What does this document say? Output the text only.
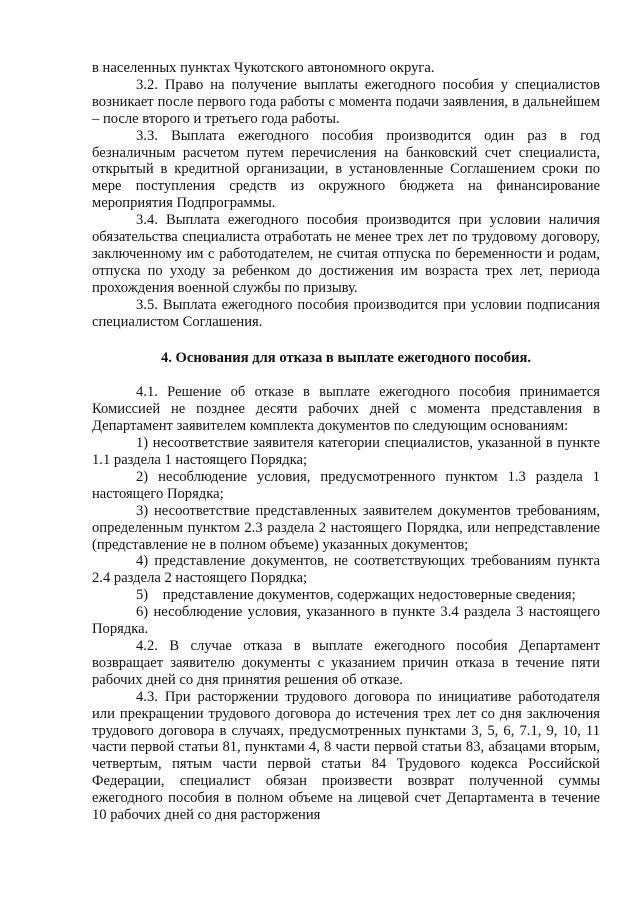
в населенных пунктах Чукотского автономного округа.

3.2. Право на получение выплаты ежегодного пособия у специалистов возникает после первого года работы с момента подачи заявления, в дальнейшем – после второго и третьего года работы.

3.3. Выплата ежегодного пособия производится один раз в год безналичным расчетом путем перечисления на банковский счет специалиста, открытый в кредитной организации, в установленные Соглашением сроки по мере поступления средств из окружного бюджета на финансирование мероприятия Подпрограммы.

3.4. Выплата ежегодного пособия производится при условии наличия обязательства специалиста отработать не менее трех лет по трудовому договору, заключенному им с работодателем, не считая отпуска по беременности и родам, отпуска по уходу за ребенком до достижения им возраста трех лет, периода прохождения военной службы по призыву.

3.5. Выплата ежегодного пособия производится при условии подписания специалистом Соглашения.

4. Основания для отказа в выплате ежегодного пособия.

4.1. Решение об отказе в выплате ежегодного пособия принимается Комиссией не позднее десяти рабочих дней с момента представления в Департамент заявителем комплекта документов по следующим основаниям:

1) несоответствие заявителя категории специалистов, указанной в пункте 1.1 раздела 1 настоящего Порядка;

2) несоблюдение условия, предусмотренного пунктом 1.3 раздела 1 настоящего Порядка;

3) несоответствие представленных заявителем документов требованиям, определенным пунктом 2.3 раздела 2 настоящего Порядка, или непредставление (представление не в полном объеме) указанных документов;

4) представление документов, не соответствующих требованиям пункта 2.4 раздела 2 настоящего Порядка;

5) представление документов, содержащих недостоверные сведения;

6) несоблюдение условия, указанного в пункте 3.4 раздела 3 настоящего Порядка.

4.2. В случае отказа в выплате ежегодного пособия Департамент возвращает заявителю документы с указанием причин отказа в течение пяти рабочих дней со дня принятия решения об отказе.

4.3. При расторжении трудового договора по инициативе работодателя или прекращении трудового договора до истечения трех лет со дня заключения трудового договора в случаях, предусмотренных пунктами 3, 5, 6, 7.1, 9, 10, 11 части первой статьи 81, пунктами 4, 8 части первой статьи 83, абзацами вторым, четвертым, пятым части первой статьи 84 Трудового кодекса Российской Федерации, специалист обязан произвести возврат полученной суммы ежегодного пособия в полном объеме на лицевой счет Департамента в течение 10 рабочих дней со дня расторжения
